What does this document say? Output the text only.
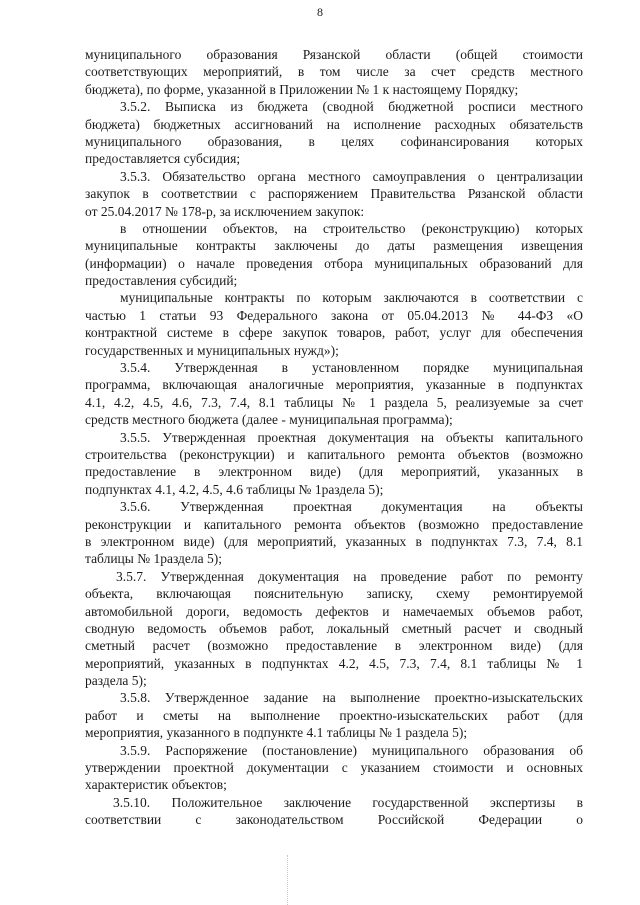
8
муниципального образования Рязанской области (общей стоимости
соответствующих мероприятий, в том числе за счет средств местного
бюджета), по форме, указанной в Приложении № 1 к настоящему Порядку;
3.5.2. Выписка из бюджета (сводной бюджетной росписи местного
бюджета) бюджетных ассигнований на исполнение расходных обязательств
муниципального образования, в целях софинансирования которых
предоставляется субсидия;
3.5.3. Обязательство органа местного самоуправления о централизации
закупок в соответствии с распоряжением Правительства Рязанской области
от 25.04.2017 № 178-р, за исключением закупок:
в отношении объектов, на строительство (реконструкцию) которых
муниципальные контракты заключены до даты размещения извещения
(информации) о начале проведения отбора муниципальных образований для
предоставления субсидий;
муниципальные контракты по которым заключаются в соответствии с
частью 1 статьи 93 Федерального закона от 05.04.2013 № 44-ФЗ «О
контрактной системе в сфере закупок товаров, работ, услуг для обеспечения
государственных и муниципальных нужд»);
3.5.4. Утвержденная в установленном порядке муниципальная
программа, включающая аналогичные мероприятия, указанные в подпунктах
4.1, 4.2, 4.5, 4.6, 7.3, 7.4, 8.1 таблицы № 1 раздела 5, реализуемые за счет
средств местного бюджета (далее - муниципальная программа);
3.5.5. Утвержденная проектная документация на объекты капитального
строительства (реконструкции) и капитального ремонта объектов (возможно
предоставление в электронном виде) (для мероприятий, указанных в
подпунктах 4.1, 4.2, 4.5, 4.6 таблицы № 1раздела 5);
3.5.6. Утвержденная проектная документация на объекты
реконструкции и капитального ремонта объектов (возможно предоставление
в электронном виде) (для мероприятий, указанных в подпунктах 7.3, 7.4, 8.1
таблицы № 1раздела 5);
3.5.7. Утвержденная документация на проведение работ по ремонту
объекта, включающая пояснительную записку, схему ремонтируемой
автомобильной дороги, ведомость дефектов и намечаемых объемов работ,
сводную ведомость объемов работ, локальный сметный расчет и сводный
сметный расчет (возможно предоставление в электронном виде) (для
мероприятий, указанных в подпунктах 4.2, 4.5, 7.3, 7.4, 8.1 таблицы № 1
раздела 5);
3.5.8. Утвержденное задание на выполнение проектно-изыскательских
работ и сметы на выполнение проектно-изыскательских работ (для
мероприятия, указанного в подпункте 4.1 таблицы № 1 раздела 5);
3.5.9. Распоряжение (постановление) муниципального образования об
утверждении проектной документации с указанием стоимости и основных
характеристик объектов;
3.5.10. Положительное заключение государственной экспертизы в
соответствии с законодательством Российской Федерации о
